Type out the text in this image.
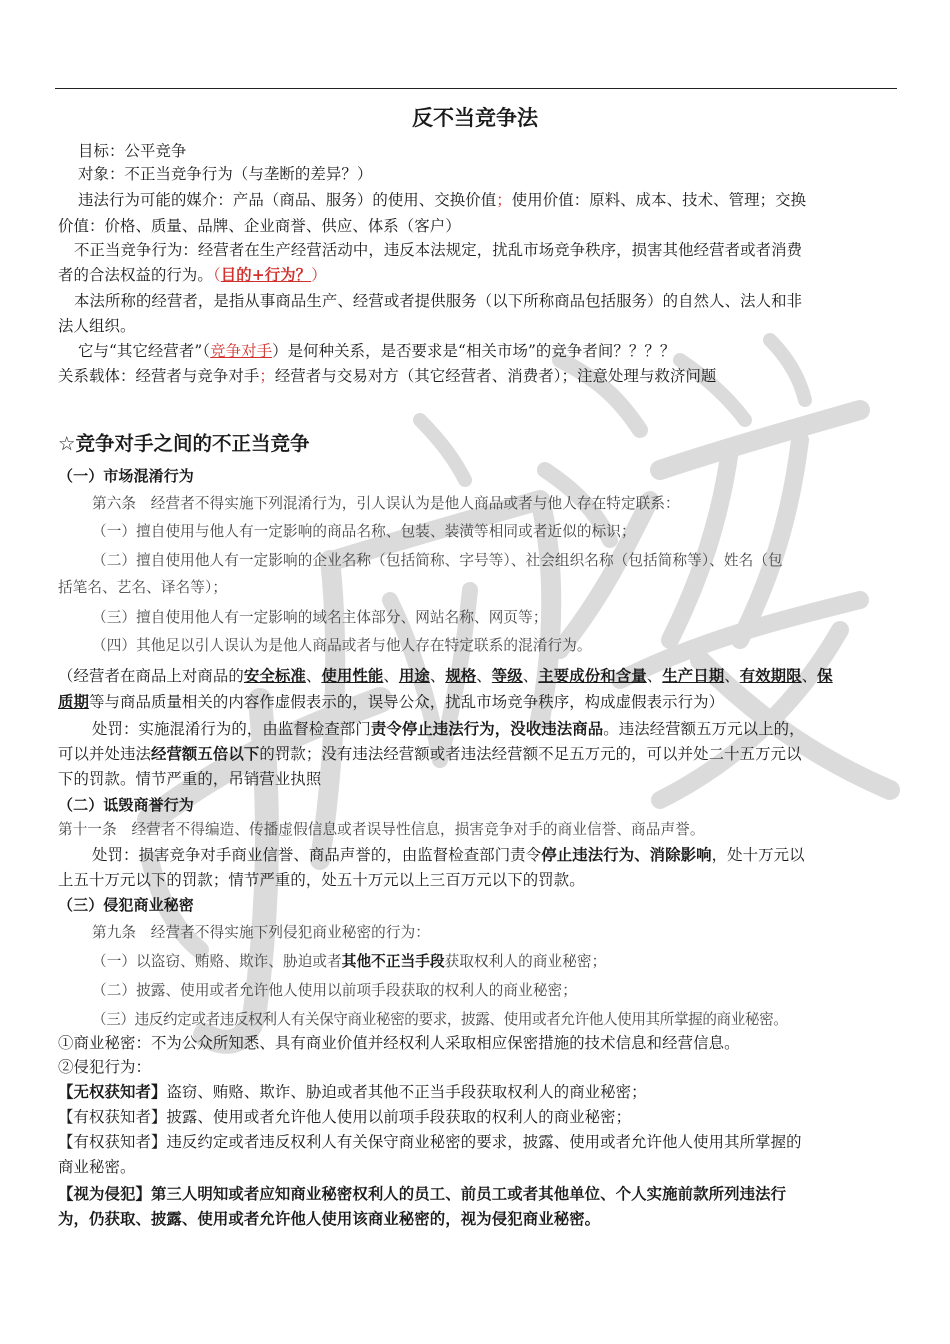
反不当竞争法
目标：公平竞争
对象：不正当竞争行为（与垄断的差异？）
违法行为可能的媒介：产品（商品、服务）的使用、交换价值；使用价值：原料、成本、技术、管理；交换
价值：价格、质量、品牌、企业商誉、供应、体系（客户）
不正当竞争行为：经营者在生产经营活动中，违反本法规定，扰乱市场竞争秩序，损害其他经营者或者消费
者的合法权益的行为。（目的+行为？）
本法所称的经营者，是指从事商品生产、经营或者提供服务（以下所称商品包括服务）的自然人、法人和非
法人组织。
它与“其它经营者”（竞争对手）是何种关系，是否要求是“相关市场”的竞争者间？？？？
关系载体：经营者与竞争对手；经营者与交易对方（其它经营者、消费者）；注意处理与救济问题
☆竞争对手之间的不正当竞争
（一）市场混淆行为
第六条　经营者不得实施下列混淆行为，引人误认为是他人商品或者与他人存在特定联系：
（一）擅自使用与他人有一定影响的商品名称、包装、装潢等相同或者近似的标识；
（二）擅自使用他人有一定影响的企业名称（包括简称、字号等）、社会组织名称（包括简称等）、姓名（包
括笔名、艺名、译名等）；
（三）擅自使用他人有一定影响的域名主体部分、网站名称、网页等；
（四）其他足以引人误认为是他人商品或者与他人存在特定联系的混淆行为。
（经营者在商品上对商品的安全标准、使用性能、用途、规格、等级、主要成份和含量、生产日期、有效期限、保
质期等与商品质量相关的内容作虚假表示的，误导公众，扰乱市场竞争秩序，构成虚假表示行为）
处罚：实施混淆行为的，由监督检查部门责令停止违法行为，没收违法商品。违法经营额五万元以上的，
可以并处违法经营额五倍以下的罚款；没有违法经营额或者违法经营额不足五万元的，可以并处二十五万元以
下的罚款。情节严重的，吊销营业执照
（二）诋毁商誉行为
第十一条　经营者不得编造、传播虚假信息或者误导性信息，损害竞争对手的商业信誉、商品声誉。
处罚：损害竞争对手商业信誉、商品声誉的，由监督检查部门责令停止违法行为、消除影响，处十万元以
上五十万元以下的罚款；情节严重的，处五十万元以上三百万元以下的罚款。
（三）侵犯商业秘密
第九条　经营者不得实施下列侵犯商业秘密的行为：
（一）以盗窃、贿赂、欺诈、胁迫或者其他不正当手段获取权利人的商业秘密；
（二）披露、使用或者允许他人使用以前项手段获取的权利人的商业秘密；
（三）违反约定或者违反权利人有关保守商业秘密的要求，披露、使用或者允许他人使用其所掌握的商业秘密。
①商业秘密：不为公众所知悉、具有商业价值并经权利人采取相应保密措施的技术信息和经营信息。
②侵犯行为：
【无权获知者】盗窃、贿赂、欺诈、胁迫或者其他不正当手段获取权利人的商业秘密；
【有权获知者】披露、使用或者允许他人使用以前项手段获取的权利人的商业秘密；
【有权获知者】违反约定或者违反权利人有关保守商业秘密的要求，披露、使用或者允许他人使用其所掌握的
商业秘密。
【视为侵犯】第三人明知或者应知商业秘密权利人的员工、前员工或者其他单位、个人实施前款所列违法行
为，仍获取、披露、使用或者允许他人使用该商业秘密的，视为侵犯商业秘密。
